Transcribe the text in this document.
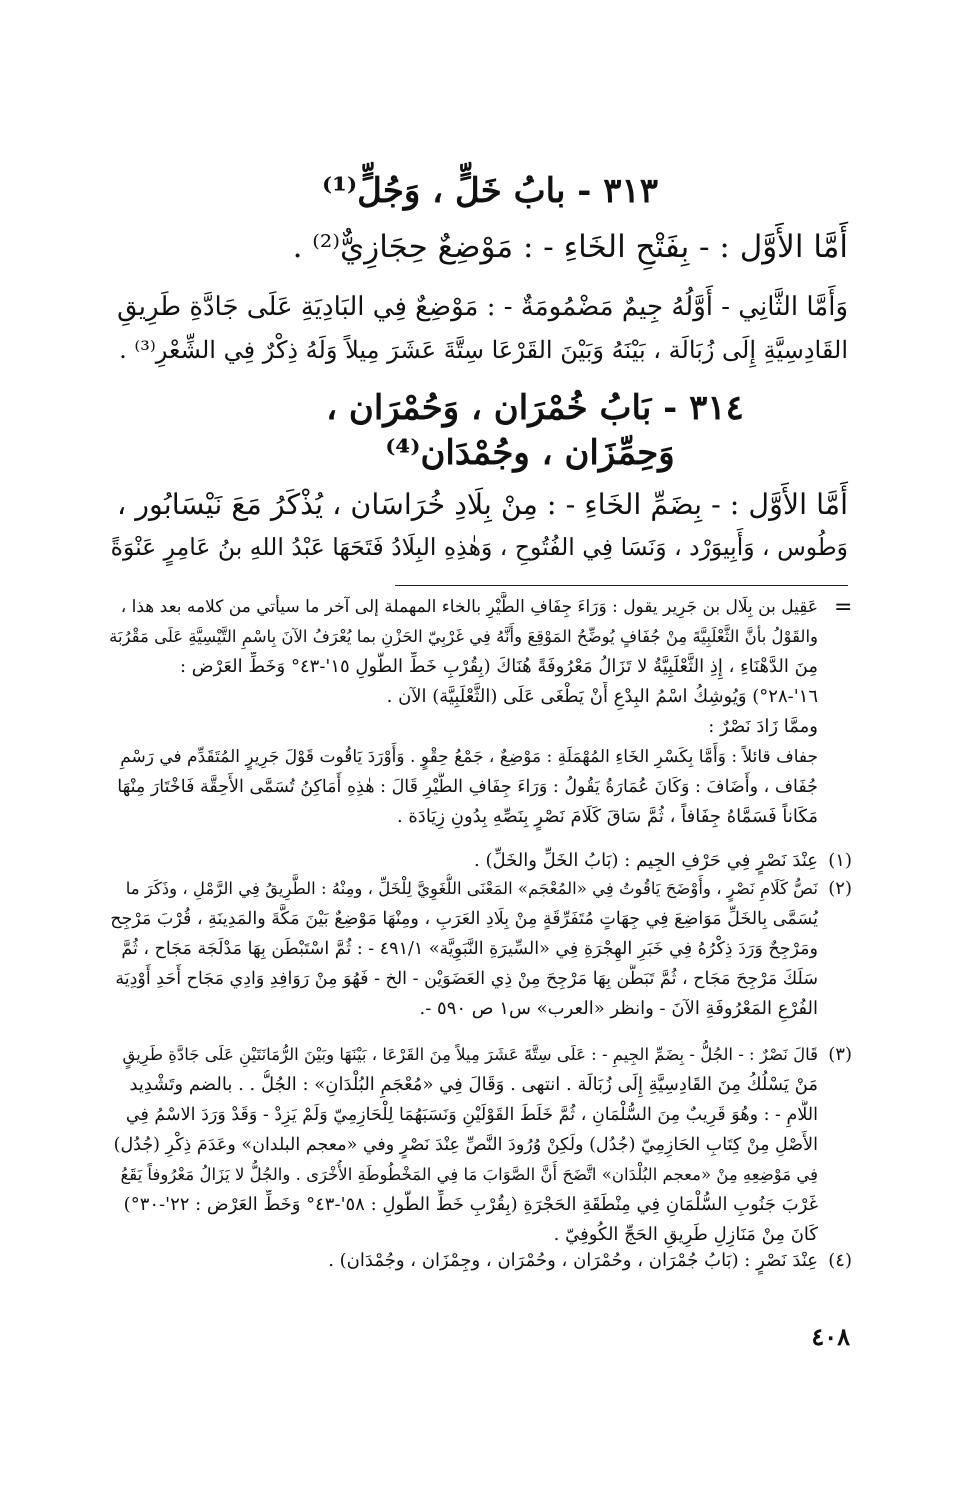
٣١٣ - بابُ خَلٍّ ، وَجُلٍّ⁽¹⁾
أَمَّا الأَوَّل : - بِفَتْحِ الخَاءِ - : مَوْضِعٌ حِجَازِيٌّ⁽²⁾ .
وَأَمَّا الثَّانِي - أَوَّلُهُ جِيمٌ مَضْمُومَةٌ - : مَوْضِعٌ فِي البَادِيَةِ عَلَى جَادَّةِ طَرِيقِ
القَادِسِيَّةِ إِلَى زُبَالَة ، بَيْنَهُ وَبَيْنَ القَرْعَا سِتَّةَ عَشَرَ مِيلاً وَلَهُ ذِكْرٌ فِي الشِّعْرِ⁽³⁾ .
٣١٤ - بَابُ خُمْرَان ، وَحُمْرَان ،
وَحِمِّزَان ، وجُمْدَان⁽⁴⁾
أَمَّا الأَوَّل : - بِضَمِّ الخَاءِ - : مِنْ بِلَادِ خُرَاسَان ، يُذْكَرُ مَعَ نَيْسَابُور ،
وَطُوس ، وَأَبِيوَرْد ، وَنَسَا فِي الفُتُوحِ ، وَهٰذِهِ البِلَادُ فَتَحَهَا عَبْدُ اللهِ بنُ عَامِرٍ عَنْوَةً
=
عَقِيل بن بِلَال بن جَرِير يقول : وَرَاءَ جِفَافِ الطَّيْرِ بالخاء المهملة إلى آخر ما سيأتي من كلامه بعد هذا ،
والقَوْلُ بأنَّ الثَّعْلَبِيَّةَ مِنْ جُفَافٍ يُوضِّحُ المَوْقِعَ وأَنَّهُ فِي غَرْبِيّ الحَزْنِ بما يُعْرَفُ الآنَ بِاسْمِ التَّيْسِيَّةِ عَلَى مَقْرُبَة
مِنَ الدَّهْنَاءِ ، إِذِ الثَّعْلَبِيَّةُ لا تَزَالُ مَعْرُوفَةً هُنَاكَ (بِقُرْبِ خَطِّ الطُّولِ ١٥'-٤٣° وَخَطِّ العَرْض :
١٦'-٢٨°) وَيُوشِكُ اسْمُ البِدْعِ أَنْ يَطْغَى عَلَى (الثَّعْلَبِيَّة) الآن .
وممَّا زَادَ نَصْرٌ :
جفاف قائلاً : وَأَمَّا بِكَسْرِ الخَاءِ المُهْمَلَةِ : مَوْضِعٌ ، جَمْعُ حِقْوٍ . وَأَوْرَدَ يَاقُوت قَوْلَ جَرِيرٍ المُتَقَدِّم في رَسْمِ
جُفَاف ، وأَضَافَ : وَكَانَ عُمَارَةُ يَقُولُ : وَرَاءَ جِفَافِ الطَّيْرِ قَالَ : هٰذِهِ أَمَاكِنُ تُسَمَّى الأَحِقَّة فَاخْتَارَ مِنْهَا
مَكَاناً فَسَمَّاهُ جِفَافاً ، ثُمَّ سَاقَ كَلَامَ نَصْرٍ بِنَصِّهِ بِدُونِ زِيَادَة .
(١)
عِنْدَ نَصْرٍ فِي حَرْفِ الجِيم : (بَابُ الخَلِّ والخَلِّ) .
(٢)
نَصُّ كَلَامِ نَصْرٍ ، وأَوْضَحَ يَاقُوتُ فِي «المُعْجَم» المَعْنَى اللُّغَوِيَّ لِلْخَلِّ ، ومِنْهُ : الطَّرِيقُ فِي الرَّمْلِ ، وذَكَرَ ما
يُسَمَّى بِالخَلِّ مَوَاضِعَ فِي جِهَاتٍ مُتَفَرِّقَةٍ مِنْ بِلَادِ العَرَبِ ، ومِنْهَا مَوْضِعٌ بَيْنَ مَكَّةَ والمَدِينَةِ ، قُرْبَ مَرْجِح
ومَرْجِحٌ وَرَدَ ذِكْرُهُ فِي خَبَرِ الهِجْرَةِ فِي «السِّيرَةِ النَّبَوِيَّة» ٤٩١/١ - : ثُمَّ اسْتَبْطَن بِهَا مَدْلَجَة مَجَاح ، ثُمَّ
سَلَكَ مَرْجِحَ مَجَاح ، ثُمَّ تَبَطَّن بِهَا مَرْجِحَ مِنْ ذِي العَضَوَيْن - الخ - فَهُوَ مِنْ رَوَافِدِ وَادِي مَجَاح أَحَدِ أَوْدِيَة
الفُرْعِ المَعْرُوفَةِ الآنَ - وانظر «العرب» س١ ص ٥٩٠ -.
(٣)
قَالَ نَصْرٌ : - الجُلُّ - بِضَمِّ الجِيمِ - : عَلَى سِتَّةَ عَشَرَ مِيلاً مِنَ القَرْعَا ، بَيْنَهَا وبَيْنَ الرُّمَانَتَيْنِ عَلَى جَادَّةِ طَرِيقٍ
مَنْ يَسْلُكُ مِنَ القَادِسِيَّةِ إِلَى زُبَالَة . انتهى . وَقَالَ فِي «مُعْجَمِ البُلْدَانِ» : الجُلُّ . . بالضم وتَشْدِيد
اللَّامِ - : وهُوَ قَرِيبٌ مِنَ السُّلْمَانِ ، ثُمَّ خَلَطَ القَوْلَيْنِ وَنَسَبَهُمَا لِلْحَازِمِيّ وَلَمْ يَزِدْ - وَقَدْ وَرَدَ الاسْمُ فِي
الأَصْلِ مِنْ كِتَابِ الحَازِمِيّ (جُدُل) ولَكِنْ وُرُودَ النَّصِّ عِنْدَ نَصْرٍ وفي «معجم البلدان» وعَدَمَ ذِكْرِ (جُدُل)
فِي مَوْضِعِهِ مِنْ «معجم البُلْدَان» اتَّضَحَ أَنَّ الصَّوَابَ مَا فِي المَخْطُوطَةِ الأُخْرَى . والجُلُّ لا يَزَالُ مَعْرُوفاً يَقَعُ
غَرْبَ جَنُوبِ السُّلْمَانِ فِي مِنْطَقَةِ الحَجْرَةِ (بِقُرْبِ خَطِّ الطُّولِ : ٥٨'-٤٣° وَخَطِّ العَرْض : ٢٢'-٣٠°)
كَانَ مِنْ مَنَازِلِ طَرِيقِ الحَجِّ الكُوفِيّ .
(٤)
عِنْدَ نَصْرٍ : (بَابُ جُمْرَان ، وحُمْرَان ، وحُمْرَان ، وجِمْزَان ، وجُمْدَان) .
٤٠٨
